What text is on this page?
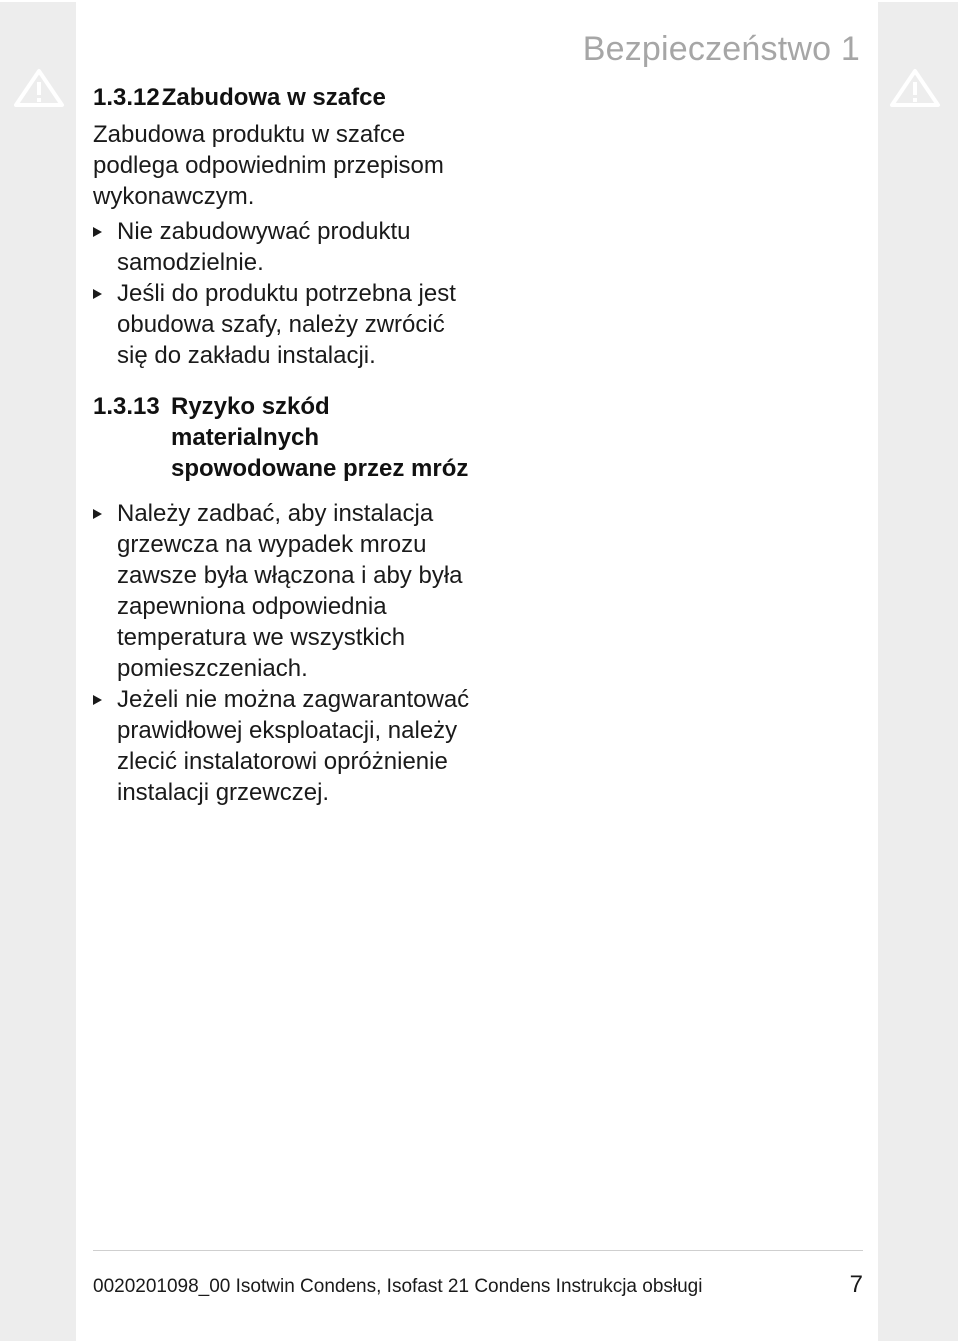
Bezpieczeństwo 1
1.3.12 Zabudowa w szafce

Zabudowa produktu w szafce podlega odpowiednim przepisom wykonawczym.

Nie zabudowywać produktu samodzielnie.
Jeśli do produktu potrzebna jest obudowa szafy, należy zwrócić się do zakładu instalacji.
1.3.13 Ryzyko szkód materialnych spowodowane przez mróz
Należy zadbać, aby instalacja grzewcza na wypadek mrozu zawsze była włączona i aby była zapewniona odpowiednia temperatura we wszystkich pomieszczeniach.
Jeżeli nie można zagwarantować prawidłowej eksploatacji, należy zlecić instalatorowi opróżnienie instalacji grzewczej.
0020201098_00 Isotwin Condens, Isofast 21 Condens Instrukcja obsługi	7
